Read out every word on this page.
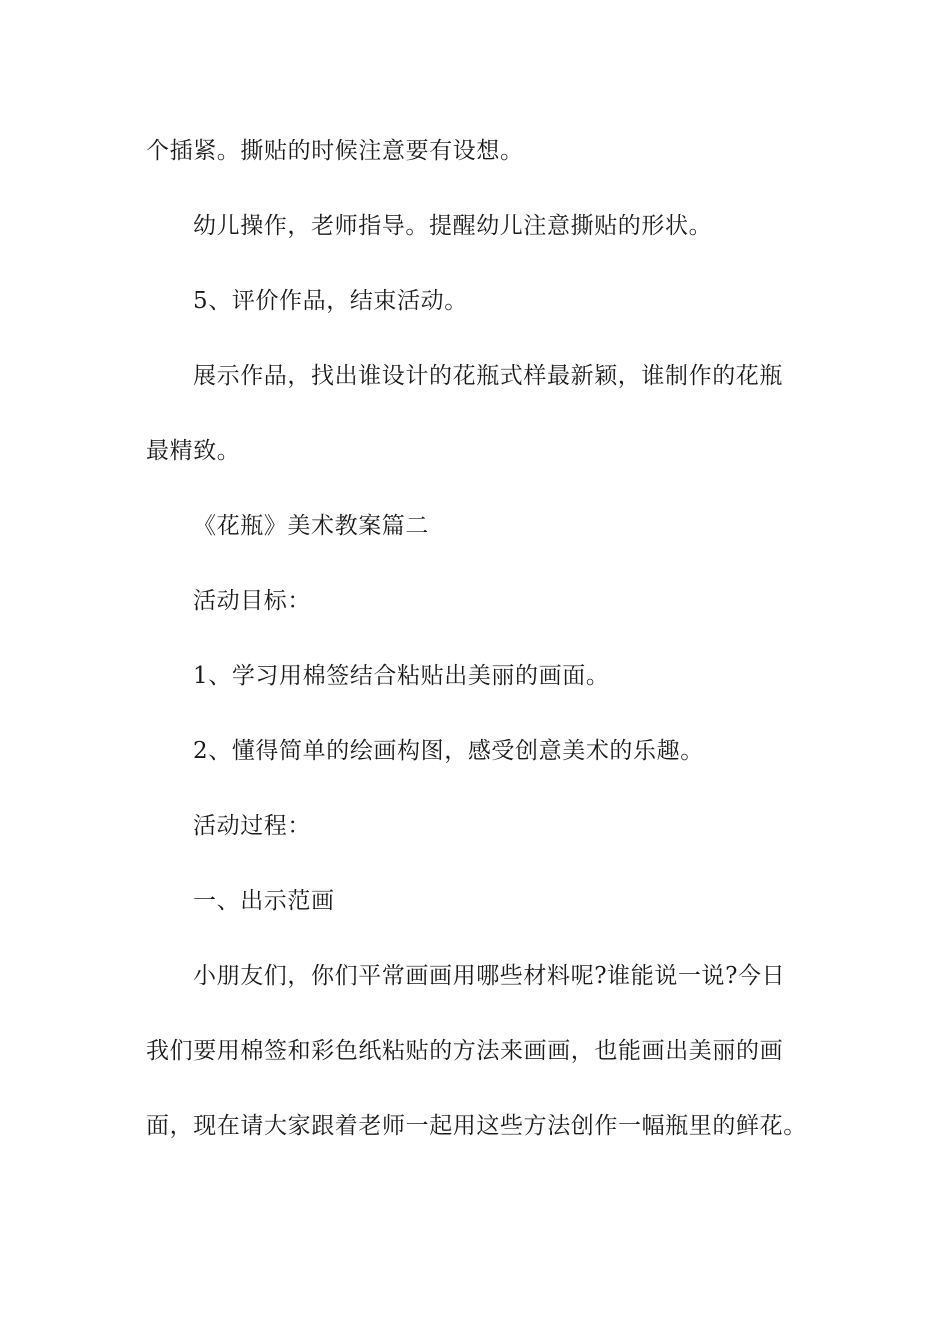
个插紧。撕贴的时候注意要有设想。

幼儿操作，老师指导。提醒幼儿注意撕贴的形状。

5、评价作品，结束活动。

展示作品，找出谁设计的花瓶式样最新颖，谁制作的花瓶

最精致。

《花瓶》美术教案篇二

活动目标：

1、学习用棉签结合粘贴出美丽的画面。

2、懂得简单的绘画构图，感受创意美术的乐趣。

活动过程：

一、出示范画

小朋友们，你们平常画画用哪些材料呢?谁能说一说?今日

我们要用棉签和彩色纸粘贴的方法来画画，也能画出美丽的画

面，现在请大家跟着老师一起用这些方法创作一幅瓶里的鲜花。
